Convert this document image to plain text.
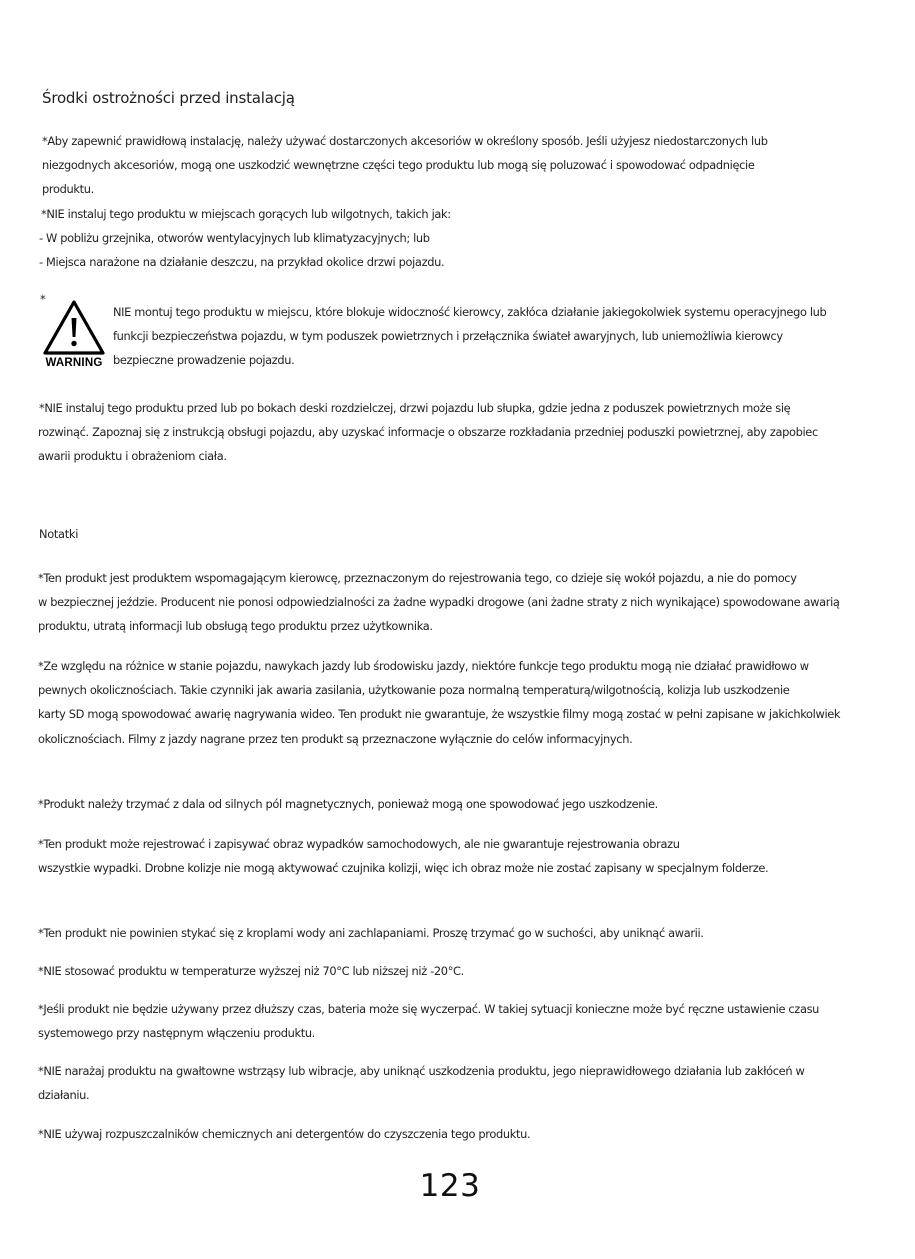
Środki ostrożności przed instalacją
*Aby zapewnić prawidłową instalację, należy używać dostarczonych akcesoriów w określony sposób. Jeśli użyjesz niedostarczonych lub
niezgodnych akcesoriów, mogą one uszkodzić wewnętrzne części tego produktu lub mogą się poluzować i spowodować odpadnięcie
produktu.
*NIE instaluj tego produktu w miejscach gorących lub wilgotnych, takich jak:
- W pobliżu grzejnika, otworów wentylacyjnych lub klimatyzacyjnych; lub
- Miejsca narażone na działanie deszczu, na przykład okolice drzwi pojazdu.
*
WARNING
NIE montuj tego produktu w miejscu, które blokuje widoczność kierowcy, zakłóca działanie jakiegokolwiek systemu operacyjnego lub
funkcji bezpieczeństwa pojazdu, w tym poduszek powietrznych i przełącznika świateł awaryjnych, lub uniemożliwia kierowcy
bezpieczne prowadzenie pojazdu.
*NIE instaluj tego produktu przed lub po bokach deski rozdzielczej, drzwi pojazdu lub słupka, gdzie jedna z poduszek powietrznych może się
rozwinąć. Zapoznaj się z instrukcją obsługi pojazdu, aby uzyskać informacje o obszarze rozkładania przedniej poduszki powietrznej, aby zapobiec
awarii produktu i obrażeniom ciała.
Notatki
*Ten produkt jest produktem wspomagającym kierowcę, przeznaczonym do rejestrowania tego, co dzieje się wokół pojazdu, a nie do pomocy
w bezpiecznej jeździe. Producent nie ponosi odpowiedzialności za żadne wypadki drogowe (ani żadne straty z nich wynikające) spowodowane awarią
produktu, utratą informacji lub obsługą tego produktu przez użytkownika.
*Ze względu na różnice w stanie pojazdu, nawykach jazdy lub środowisku jazdy, niektóre funkcje tego produktu mogą nie działać prawidłowo w
pewnych okolicznościach. Takie czynniki jak awaria zasilania, użytkowanie poza normalną temperaturą/wilgotnością, kolizja lub uszkodzenie
karty SD mogą spowodować awarię nagrywania wideo. Ten produkt nie gwarantuje, że wszystkie filmy mogą zostać w pełni zapisane w jakichkolwiek
okolicznościach. Filmy z jazdy nagrane przez ten produkt są przeznaczone wyłącznie do celów informacyjnych.
*Produkt należy trzymać z dala od silnych pól magnetycznych, ponieważ mogą one spowodować jego uszkodzenie.
*Ten produkt może rejestrować i zapisywać obraz wypadków samochodowych, ale nie gwarantuje rejestrowania obrazu
wszystkie wypadki. Drobne kolizje nie mogą aktywować czujnika kolizji, więc ich obraz może nie zostać zapisany w specjalnym folderze.
*Ten produkt nie powinien stykać się z kroplami wody ani zachlapaniami. Proszę trzymać go w suchości, aby uniknąć awarii.
*NIE stosować produktu w temperaturze wyższej niż 70°C lub niższej niż -20°C.
*Jeśli produkt nie będzie używany przez dłuższy czas, bateria może się wyczerpać. W takiej sytuacji konieczne może być ręczne ustawienie czasu
systemowego przy następnym włączeniu produktu.
*NIE narażaj produktu na gwałtowne wstrząsy lub wibracje, aby uniknąć uszkodzenia produktu, jego nieprawidłowego działania lub zakłóceń w
działaniu.
*NIE używaj rozpuszczalników chemicznych ani detergentów do czyszczenia tego produktu.
123
